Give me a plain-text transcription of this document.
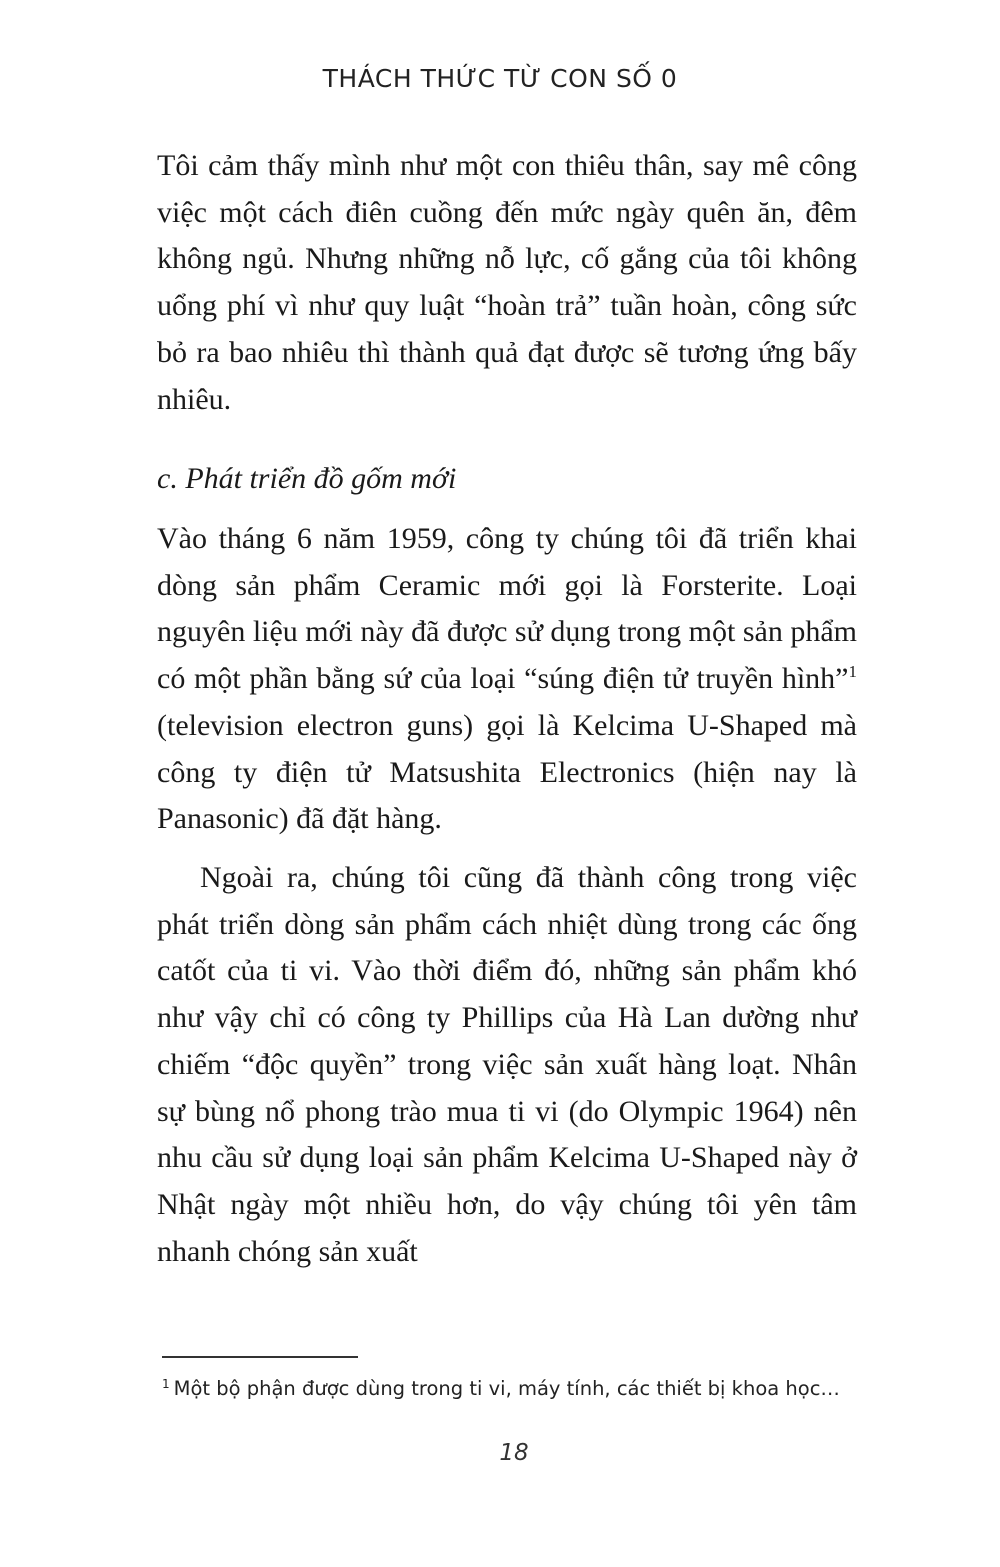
THÁCH THỨC TỪ CON SỐ 0

Tôi cảm thấy mình như một con thiêu thân, say mê công việc một cách điên cuồng đến mức ngày quên ăn, đêm không ngủ. Nhưng những nỗ lực, cố gắng của tôi không uổng phí vì như quy luật “hoàn trả” tuần hoàn, công sức bỏ ra bao nhiêu thì thành quả đạt được sẽ tương ứng bấy nhiêu.

c. Phát triển đồ gốm mới

Vào tháng 6 năm 1959, công ty chúng tôi đã triển khai dòng sản phẩm Ceramic mới gọi là Forsterite. Loại nguyên liệu mới này đã được sử dụng trong một sản phẩm có một phần bằng sứ của loại “súng điện tử truyền hình”$^1$ (television electron guns) gọi là Kelcima U-Shaped mà công ty điện tử Matsushita Electronics (hiện nay là Panasonic) đã đặt hàng.

Ngoài ra, chúng tôi cũng đã thành công trong việc phát triển dòng sản phẩm cách nhiệt dùng trong các ống catốt của ti vi. Vào thời điểm đó, những sản phẩm khó như vậy chỉ có công ty Phillips của Hà Lan dường như chiếm “độc quyền” trong việc sản xuất hàng loạt. Nhân sự bùng nổ phong trào mua ti vi (do Olympic 1964) nên nhu cầu sử dụng loại sản phẩm Kelcima U-Shaped này ở Nhật ngày một nhiều hơn, do vậy chúng tôi yên tâm nhanh chóng sản xuất

$^1$ Một bộ phận được dùng trong ti vi, máy tính, các thiết bị khoa học…
18
